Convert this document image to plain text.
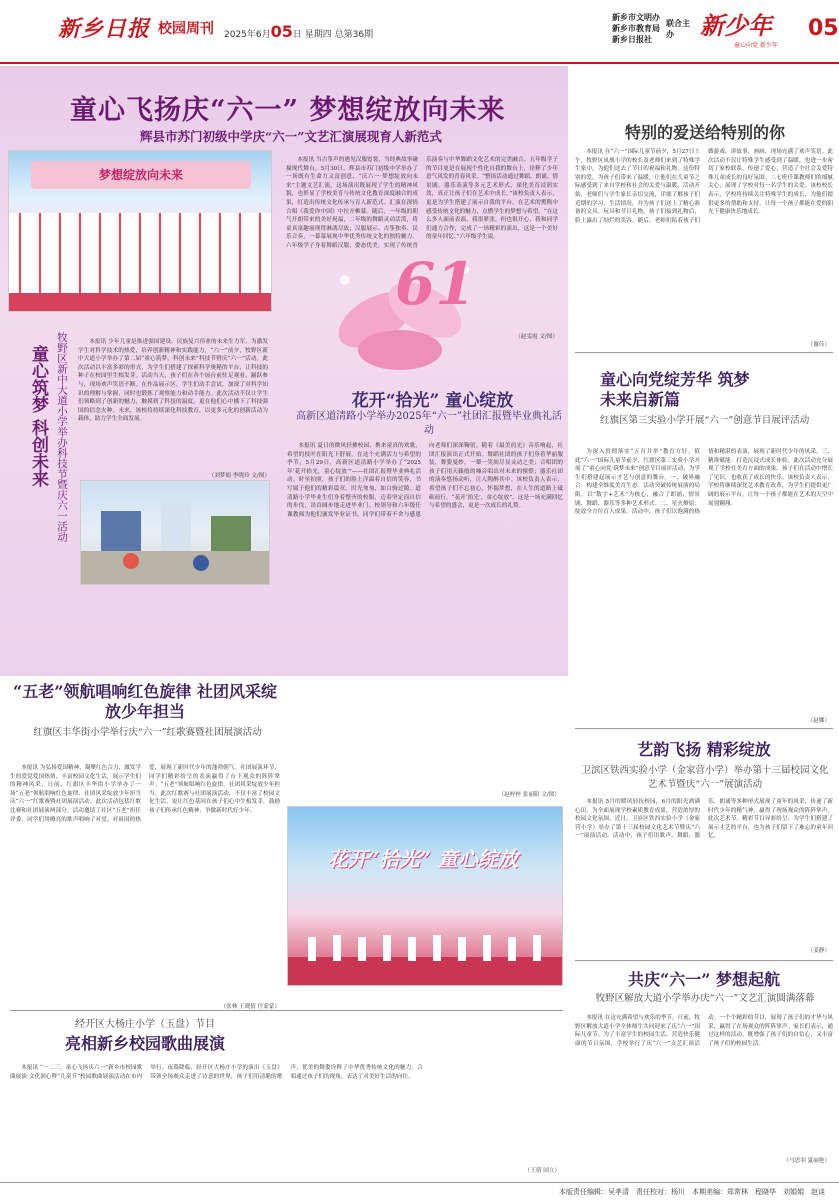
新乡日报 校园周刊 2025年6月05日 星期四 总第36期
新乡市文明办
新乡市教育局
新乡日报社
联合主办	新少年
童心向党 新少年
05
童心飞扬庆“六一” 梦想绽放向未来
辉县市苏门初级中学庆“六一”文艺汇演展现育人新范式
梦想绽放向未来

本报讯 当古筝声的遇见汉服霓裳，当经典故事碰撞现代舞台，5月30日，辉县市苏门初级中学举办了一场既有生命力又富创意、“庆六一·梦想绽放向未来”主题文艺汇演，这场演出既展现了学生的精神风貌，也彰显了学校美育与传统文化教育深度融合的成果，打造出传统文化传承与育人新范式。汇演在深情合唱《我爱你中国》中拉开帷幕。随后，一年级的朝气开朗带来的美好祝福，二年级的舞蹈灵动活泼，将童真童趣展现得淋漓尽致；汉服展示、古筝独奏、民乐合奏，一幕幕展现中华优秀传统文化的独特魅力。六年级学子身着舞蹈汉服，姿态优美，实现了传统晋乐演奏与中华舞蹈文化艺术的完美融合。五年级学子的节目更是在展现个性化自我的舞台上，诠释了少年意气风发的青春风采。“整场活动通过舞蹈、朗诵、情景剧、器乐表演等多元艺术形式，深化美育浸润实效，真正让孩子们在艺术中成长。”该校负责人表示，更是为学生搭建了展示自我的平台，在艺术的熏陶中感受传统文化的魅力，点燃学生的梦想与希望。“在这么多人面前表演，我很紧张，但也很开心，我和同学们通力合作，完成了一场精彩的演出，这是一个美好的童年回忆。”六年级学生说。

（赵雯霞 文/图）
61
牧野区新中大道小学举办科技节暨庆六一活动
童心筑梦 科创未来

本报讯 少年儿童是推进强国建设、民族复兴伟业的未来生力军。为激发学生对科学技术的热爱，培养创新精神和实践能力，“六一”前夕，牧野区新中大道小学举办了第二届“童心筑梦，科创未来”科技节暨庆“六一”活动。此次活动以丰富多彩的形式，为学生们搭建了探索科学奥秘的平台，让科技的种子在校园里生根发芽。活动当天，孩子们在各个展台前驻足观看，踊跃参与，现场欢声笑语不断。在作品展示区，学生们动手尝试，加深了对科学知识的理解与掌握，同时也锻炼了观察能力和动手能力。此次活动不仅让学生们领略到了创新的魅力，触摸到了科技的温度，更在他们心中播下了科技强国的信念火种。未来，该校将持续深化科技教育，以更多元化的创新活动为载体，助力学生全面发展。

（刘梦娟 李晓玲 文/图）
花开“拾光” 童心绽放
高新区道清路小学举办2025年“六一”社团汇报暨毕业典礼活动

本报讯 夏日的微风轻拂校园，携来童真的欢歌，希望的枝叶在阳光下舒展。在这个充满活力与希望的季节，5月29日，高新区道清路小学举办了“2025年‘花开拾光，童心绽放’”——社团汇报暨毕业典礼活动。时至拍照，孩子们的脸上洋溢着自信的笑容，书写属于他们的精彩篇章。时光匆匆，如白驹过隙。道清路小学毕业生们身着整齐的校服，迈着坚定而自信的步伐，昂首阔步地走进毕业门。校领导和六年级任课教师为他们颁发毕业证书，同学们带着不舍与感恩向老师们深深鞠躬。随着《最美的光》音乐响起，社团汇报演出正式开始。舞蹈社团的孩子们身着华丽服装，舞姿曼妙，一颦一笑间尽显灵动之美；合唱团的孩子们用天籁般的嗓音唱出对未来的憧憬；器乐社团的演奏悠扬动听，让人陶醉其中。该校负责人表示，希望孩子们不忘初心，怀揣梦想，在人生的道路上砥砺前行。“花开‘拾光’，童心绽放”，这是一场充满回忆与希望的盛会，更是一次成长的礼赞。

（赵梓梓 张丽阳 文/图）
花开“拾光” 童心绽放
“五老”领航唱响红色旋律 社团风采绽放少年担当
红旗区丰华街小学举行庆“六一”红歌赛暨社团展演活动

本报讯 为弘扬爱国精神，凝聚红色合力，激发学生的爱党爱国热情，丰富校园文化生活，展示学生们的精神风采，日前，红旗区丰华街小学举办了一场“五老”领航唱响红色旋律、社团风采绽放少年担当庆“六一”红歌赛暨社团展演活动。此次活动包括红歌比赛和社团展演两部分。活动邀请了社区“五老”担任评委。同学们用嘹亮的歌声唱响了对党、对祖国的热爱，展现了新时代少年的蓬勃朝气。社团展演环节，同学们精彩纷呈的表演赢得了台下观众的阵阵掌声。“五老”领航唱响红色旋律，社团风采绽放少年担当。此次红歌赛与社团展演活动，不仅丰富了校园文化生活，更让红色基因在孩子们心中生根发芽，鼓励孩子们传承红色精神，争做新时代好少年。

（张林 王晓倩 任蒙蒙）
经开区大杨庄小学（玉盘）节目
亮相新乡校园歌曲展演

本报讯 “一二三，童心飞扬庆六一”新乡市校园歌曲展演·文化润心暨“儿童节”校园歌曲展演活动在市内举行。夜幕降临，经开区大杨庄小学的演出《玉盘》带领全场观众走进了诗意的世界，孩子们用清脆的歌声、优美的舞姿诠释了中华优秀传统文化的魅力。合唱通过孩子们的视角，表达了对美好生活的向往。

（王倩 国立）
特别的爱送给特别的你

本报讯 在“六一”国际儿童节前夕，5月27日上午，牧野区凤凰小学的校长及老师们来到了特殊学生家中，为他们送去了节日的祝福和礼物。这份特别的爱，为孩子们带来了温暖，让他们在儿童节之际感受到了来自学校和社会的关爱与温暖。活动开始，老师们与学生家长亲切交流，详细了解孩子们近期的学习、生活情况，并为孩子们送上了精心准备的文具、玩具和节日礼物。孩子们接到礼物后，脸上露出了灿烂的笑容。随后，老师们陪着孩子们做游戏、讲故事、画画，现场充满了欢声笑语。此次活动不仅让特殊学生感受到了温暖，也进一步密切了家校联系，传递了爱心，营造了全社会关爱特殊儿童成长的良好氛围。二七班任课教师们的细腻关心，展现了学校对每一名学生的关爱。该校校长表示，学校将持续关注特殊学生的成长，为他们提供更多的帮助和支持，让每一个孩子都能在爱的阳光下健康快乐地成长。

（谢佳）
童心向党绽芳华 筑梦未来启新篇
红旗区第三实验小学开展“六一”创意节目展评活动

为深入贯彻落实“五育并举”教育方针，值此“六一”国际儿童节前夕，红旗区第三实验小学开展了“童心向党·筑梦未来”创意节目展评活动，为学生们搭建起展示才艺与创意的舞台。一、破界融合：构建全维度美育生态。活动突破传统展演的局限，以“数字+艺术”为核心，融合了朗诵、情景剧、舞蹈、器乐等多种艺术形式。二、星火燎原：绽放全方位育人成果。活动中，孩子们以饱满的热情和精湛的表演，展现了新时代少年的风采。三、精准赋能：打造沉浸式成长体验。此次活动充分展现了学校在美育方面的成果，孩子们在活动中增长了见识，也收获了成长的快乐。该校负责人表示，学校将继续深化艺术教育改革，为学生们提供更广阔的展示平台，让每一个孩子都能在艺术的天空中展翅翱翔。

（赵娜）
艺韵飞扬 精彩绽放
卫滨区铁西实验小学（金家营小学）举办第十三届校园文化艺术节暨庆“六一”展演活动

本报讯 5月的暖风轻抚校园，6月的阳光洒满心田。为全面展现学校素质教育成果，营造浓厚的校园文化氛围，近日，卫滨区铁西实验小学（金家营小学）举办了第十三届校园文化艺术节暨庆“六一”展演活动。活动中，孩子们用歌声、舞蹈、器乐、朗诵等多种形式展现了童年的风采，传递了新时代少年的精气神，赢得了现场观众的阵阵掌声。此次艺术节，精彩节目异彩纷呈，为学生们搭建了展示才艺的平台，也为孩子们留下了难忘的童年回忆。

（姜静）
共庆“六一” 梦想起航
牧野区解放大道小学举办庆“六一”文艺汇演圆满落幕

本报讯 在这充满希望与欢乐的季节，日前，牧野区解放大道小学全体师生共同迎来了庆“六一”国际儿童节。为了丰富学生的校园生活，营造快乐健康的节日氛围，学校举行了庆“六一”文艺汇演活动。一个个精彩的节目，展现了孩子们的才华与风采，赢得了在场观众的阵阵掌声。家长们表示，通过这样的活动，既增强了孩子们的自信心，又丰富了孩子们的校园生活。

（马思羽 夏丽艳）
本版责任编辑：吴孝清　责任校对：杨川　本期美编：郑常林　程晓华　刘娟娟　赵谈
